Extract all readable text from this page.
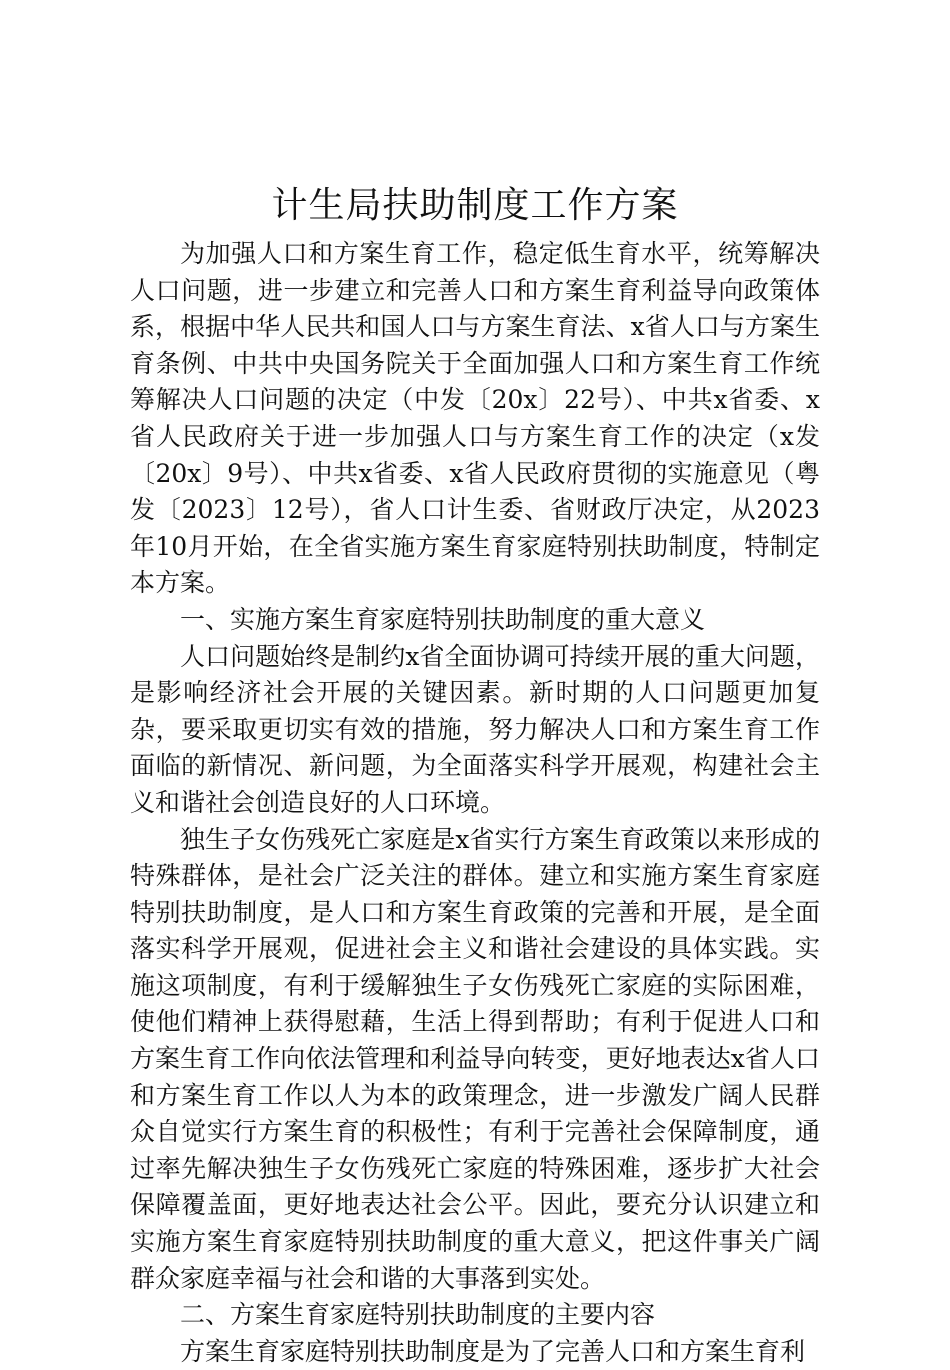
计生局扶助制度工作方案

为加强人口和方案生育工作，稳定低生育水平，统筹解决人口问题，进一步建立和完善人口和方案生育利益导向政策体系，根据中华人民共和国人口与方案生育法、x省人口与方案生育条例、中共中央国务院关于全面加强人口和方案生育工作统筹解决人口问题的决定（中发〔20x〕22号）、中共x省委、x省人民政府关于进一步加强人口与方案生育工作的决定（x发〔20x〕9号）、中共x省委、x省人民政府贯彻的实施意见（粤发〔2023〕12号），省人口计生委、省财政厅决定，从2023年10月开始，在全省实施方案生育家庭特别扶助制度，特制定本方案。

一、实施方案生育家庭特别扶助制度的重大意义

人口问题始终是制约x省全面协调可持续开展的重大问题，是影响经济社会开展的关键因素。新时期的人口问题更加复杂，要采取更切实有效的措施，努力解决人口和方案生育工作面临的新情况、新问题，为全面落实科学开展观，构建社会主义和谐社会创造良好的人口环境。

独生子女伤残死亡家庭是x省实行方案生育政策以来形成的特殊群体，是社会广泛关注的群体。建立和实施方案生育家庭特别扶助制度，是人口和方案生育政策的完善和开展，是全面落实科学开展观，促进社会主义和谐社会建设的具体实践。实施这项制度，有利于缓解独生子女伤残死亡家庭的实际困难，使他们精神上获得慰藉，生活上得到帮助；有利于促进人口和方案生育工作向依法管理和利益导向转变，更好地表达x省人口和方案生育工作以人为本的政策理念，进一步激发广阔人民群众自觉实行方案生育的积极性；有利于完善社会保障制度，通过率先解决独生子女伤残死亡家庭的特殊困难，逐步扩大社会保障覆盖面，更好地表达社会公平。因此，要充分认识建立和实施方案生育家庭特别扶助制度的重大意义，把这件事关广阔群众家庭幸福与社会和谐的大事落到实处。

二、方案生育家庭特别扶助制度的主要内容

方案生育家庭特别扶助制度是为了完善人口和方案生育利
